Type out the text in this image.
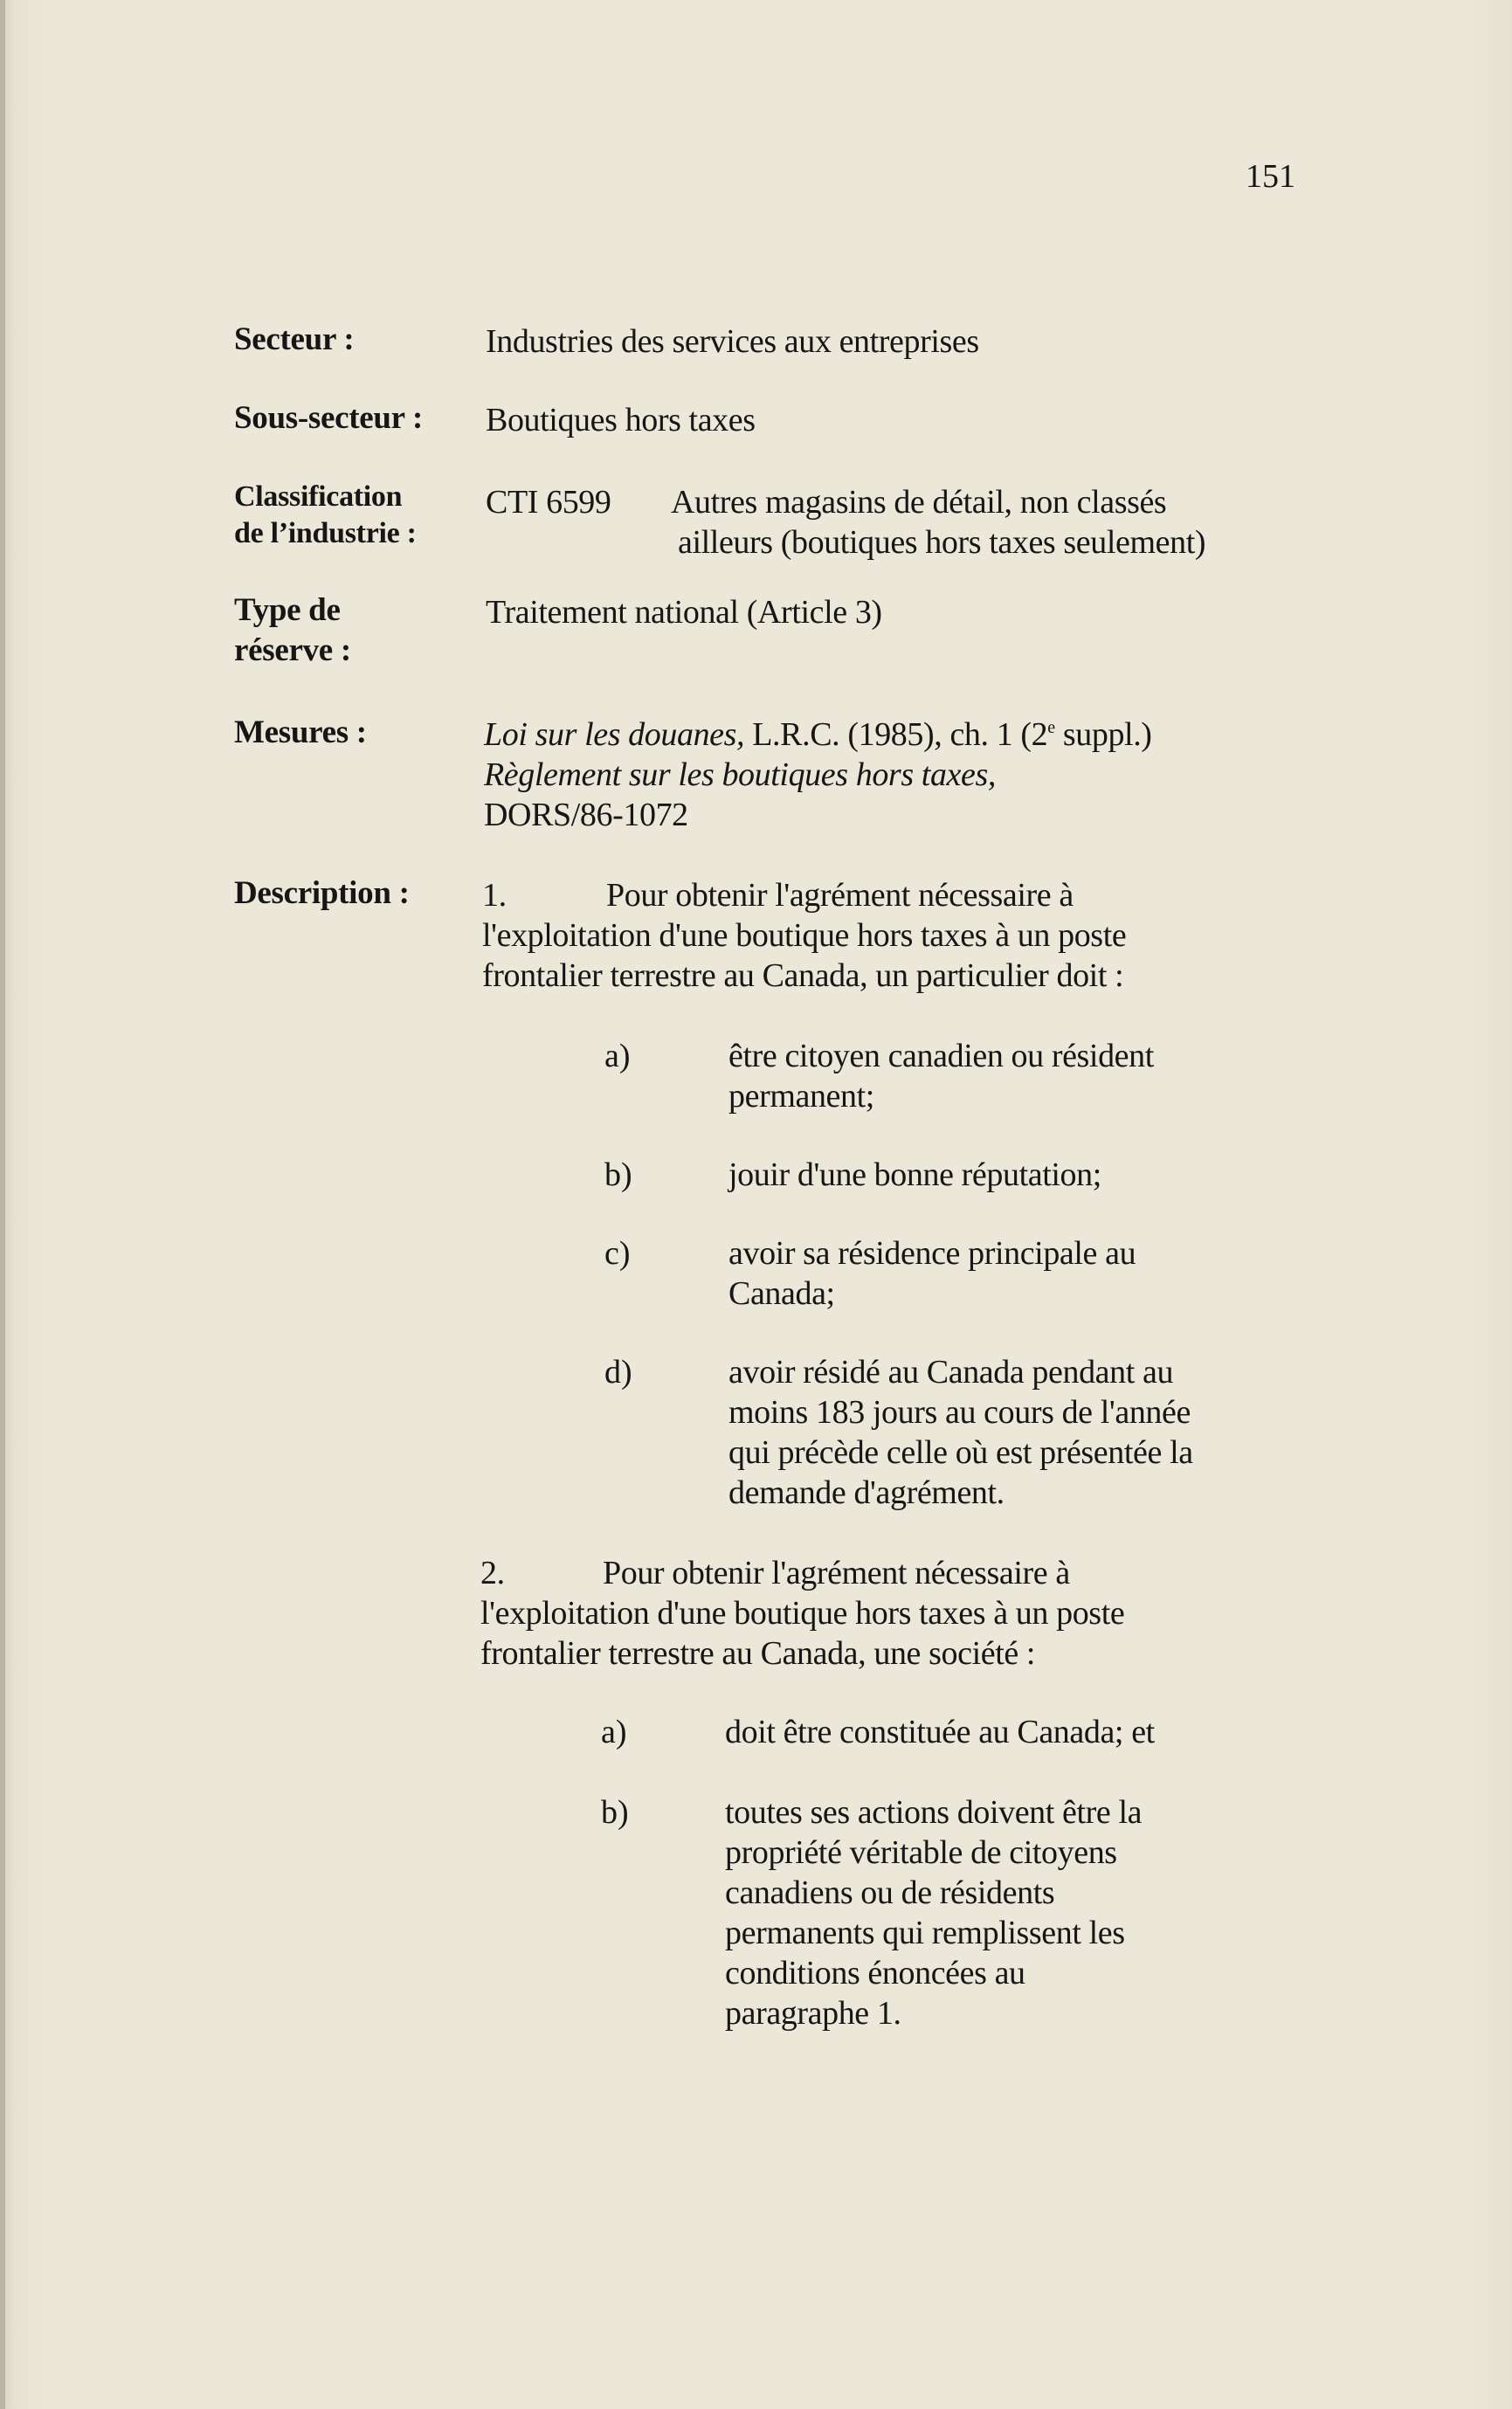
151
Secteur :	Industries des services aux entreprises
Sous-secteur : Boutiques hors taxes
Classification
de l’industrie :
CTI 6599 Autres magasins de détail, non classés
ailleurs (boutiques hors taxes seulement)
Type de
réserve :
Traitement national (Article 3)
Mesures :	Loi sur les douanes, L.R.C. (1985), ch. 1 (2e suppl.)
Règlement sur les boutiques hors taxes,
DORS/86-1072
Description : 1.	Pour obtenir l'agrément nécessaire à
l'exploitation d'une boutique hors taxes à un poste
frontalier terrestre au Canada, un particulier doit :
a)	être citoyen canadien ou résident
permanent;
b)	jouir d'une bonne réputation;
c)	avoir sa résidence principale au
Canada;
d)	avoir résidé au Canada pendant au
moins 183 jours au cours de l'année
qui précède celle où est présentée la
demande d'agrément.
2.	Pour obtenir l'agrément nécessaire à
l'exploitation d'une boutique hors taxes à un poste
frontalier terrestre au Canada, une société :
a)	doit être constituée au Canada; et
b)	toutes ses actions doivent être la
propriété véritable de citoyens
canadiens ou de résidents
permanents qui remplissent les
conditions énoncées au
paragraphe 1.
